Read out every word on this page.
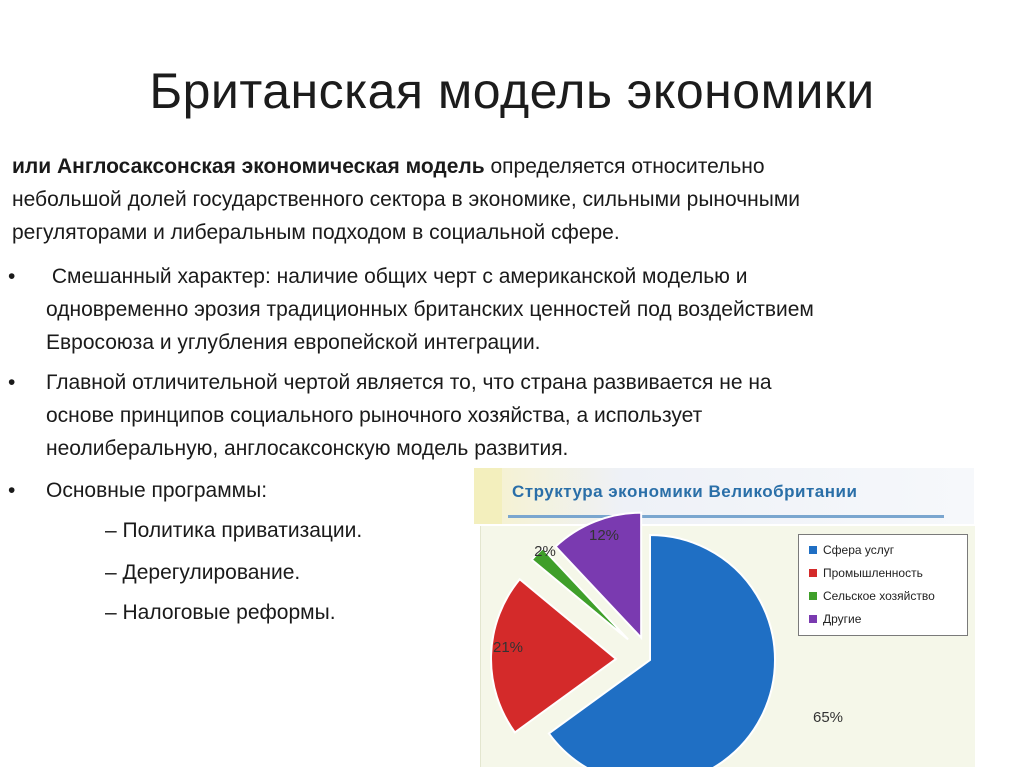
Британская модель экономики
или Англосаксонская экономическая модель определяется относительно
небольшой долей государственного сектора в экономике, сильными рыночными
регуляторами и либеральным подходом в социальной сфере.
• Смешанный характер: наличие общих черт с американской моделью и
одновременно эрозия традиционных британских ценностей под воздействием
Евросоюза и углубления европейской интеграции.
• Главной отличительной чертой является то, что страна развивается не на
основе принципов социального рыночного хозяйства, а использует
неолиберальную, англосаксонскую модель развития.
• Основные программы:
– Политика приватизации.
– Дерегулирование.
– Налоговые реформы.
Структура экономики Великобритании
65%
21%
2%
12%
Сфера услуг
Промышленность
Сельское хозяйство
Другие
